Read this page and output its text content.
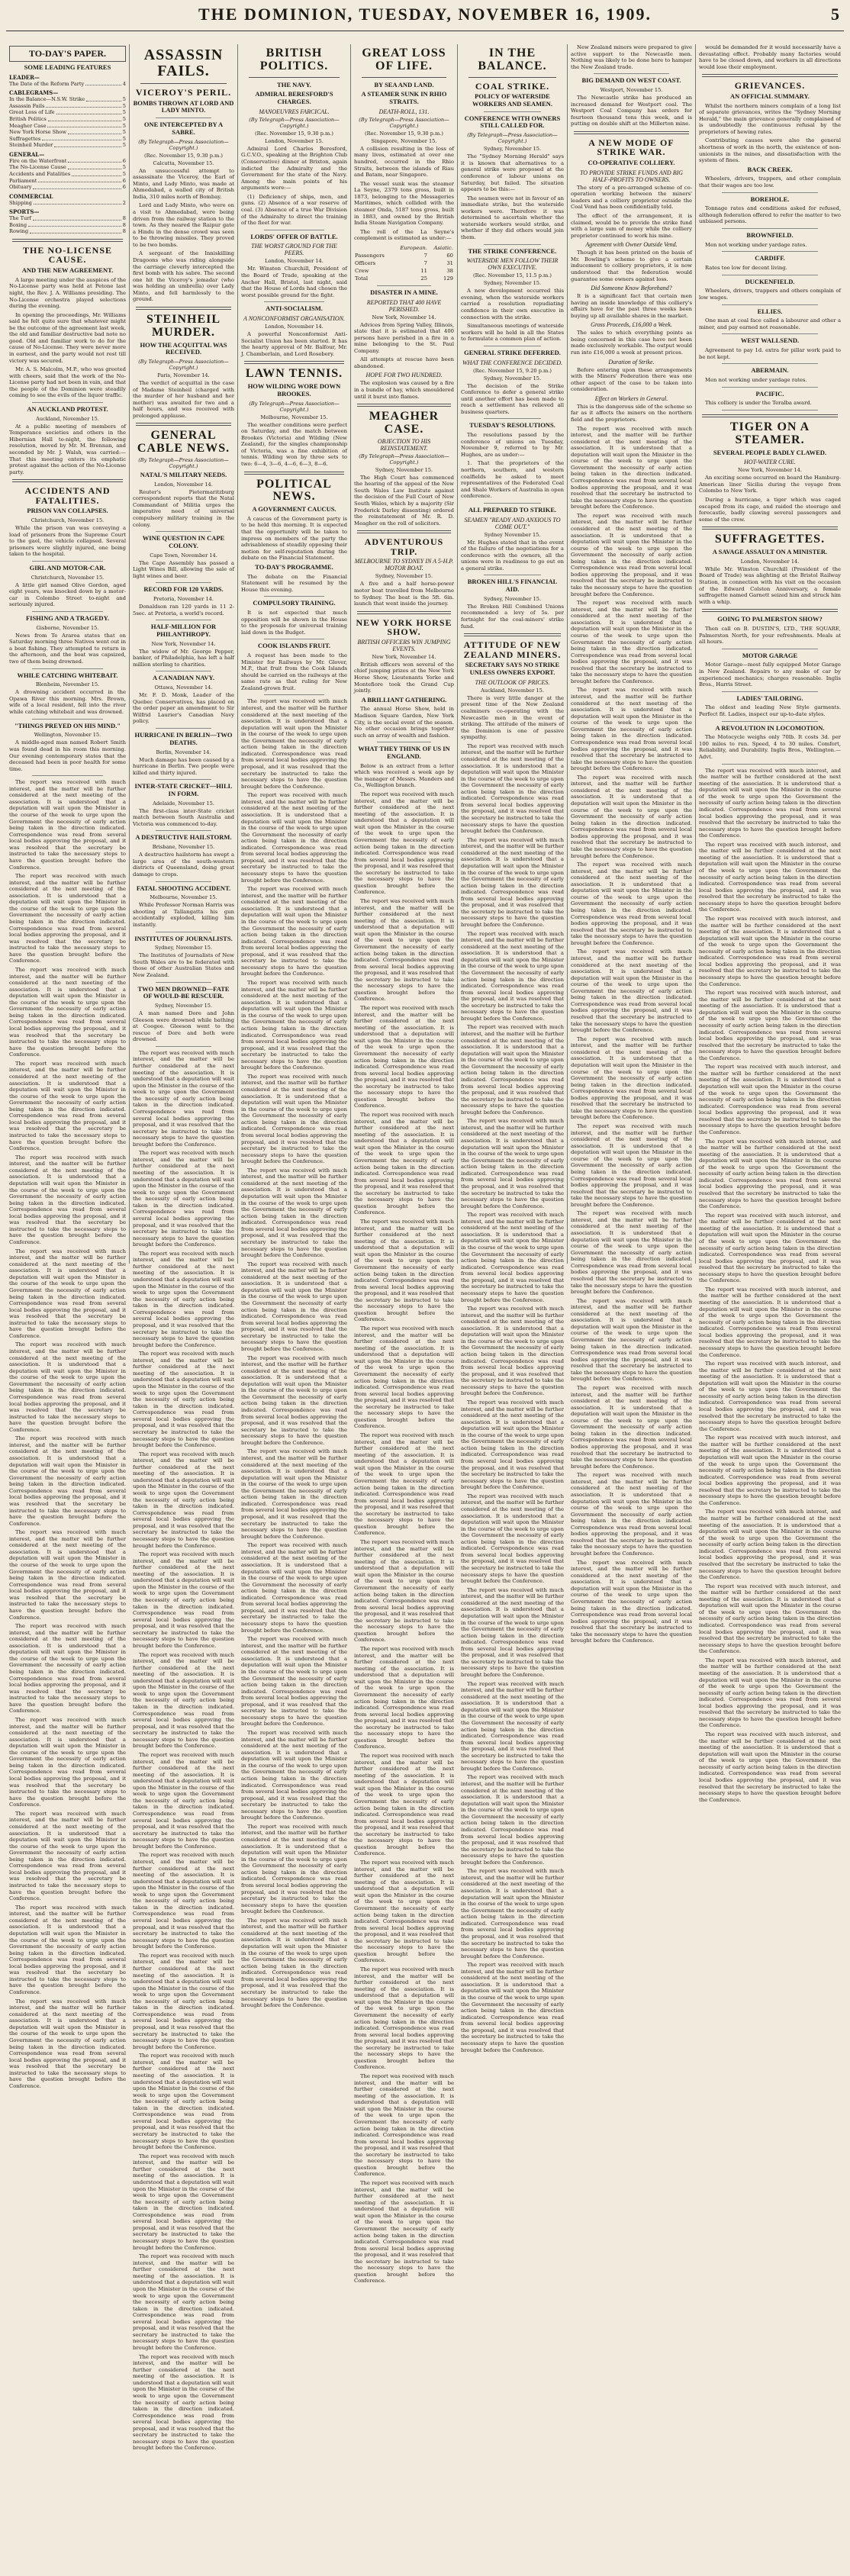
THE DOMINION, TUESDAY, NOVEMBER 16, 1909.	5
TO-DAY'S PAPER.
SOME LEADING FEATURES
LEADER—
The Date of the Reform Party	4
CABLEGRAMS—
In the Balance—N.S.W. Strike	5
Assassin Fails	5
Great Loss of Life	5
British Politics	5
Meagher Case	5
New York Horse Show	5
Suffragettes	5
Steinheil Murder	5
GENERAL—
Fire on the Waterfront	6
The No-License Cause	5
Accidents and Fatalities	5
Parliament	6
Obituary	6
COMMERCIAL
Shipping	2
SPORTS—
The Turf	8
Boxing	8
Rowing	8
THE NO-LICENSE CAUSE.
AND THE NEW AGREEMENT.

A large meeting under the auspices of the No-License party was held at Petone last night, the Rev. J. A. Williams presiding. The No-License orchestra played selections during the evening.

In opening the proceedings, Mr. Williams said he felt quite sure that whatever might be the outcome of the agreement last week, the old and familiar destructive bad note no good. Old and familiar work to do for the cause of No-License. They were never more in earnest, and the party would not rest till victory was secured.

Mr. A. S. Malcolm, M.P., who was greeted with cheers, said that the work of the No-License party had not been in vain, and that the people of the Dominion were steadily coming to see the evils of the liquor traffic.

AN AUCKLAND PROTEST.
Auckland, November 15.

At a public meeting of members of Temperance societies and others in the Hibernian Hall to-night, the following resolution, moved by Mr. M. Brennan, and seconded by Mr. J. Walsh, was carried:—That this meeting enters its emphatic protest against the action of the No-License party.

ACCIDENTS AND FATALITIES.
PRISON VAN COLLAPSES.
Christchurch, November 15.

While the prison van was conveying a load of prisoners from the Supreme Court to the gaol, the vehicle collapsed. Several prisoners were slightly injured, one being taken to the hospital.

GIRL AND MOTOR-CAR.
Christchurch, November 15.

A little girl named Olive Gordon, aged eight years, was knocked down by a motor-car in Colombo Street to-night and seriously injured.

FISHING AND A TRAGEDY.
Gisborne, November 15.

News from Te Araroa states that on Saturday morning three Natives went out in a boat fishing. They attempted to return in the afternoon, and the boat was capsized, two of them being drowned.

WHILE CATCHING WHITEBAIT.
Blenheim, November 15.

A drowning accident occurred in the Opawa River this morning. Mrs. Brown, wife of a local resident, fell into the river while catching whitebait and was drowned.

"THINGS PREYED ON HIS MIND."
Wellington, November 15.

A middle-aged man named Robert Smith was found dead in his room this morning. Our evening contemporary states that the deceased had been in poor health for some time.

The report was received with much interest, and the matter will be further considered at the next meeting of the association. It is understood that a deputation will wait upon the Minister in the course of the week to urge upon the Government the necessity of early action being taken in the direction indicated. Correspondence was read from several local bodies approving the proposal, and it was resolved that the secretary be instructed to take the necessary steps to have the question brought before the Conference.

The report was received with much interest, and the matter will be further considered at the next meeting of the association. It is understood that a deputation will wait upon the Minister in the course of the week to urge upon the Government the necessity of early action being taken in the direction indicated. Correspondence was read from several local bodies approving the proposal, and it was resolved that the secretary be instructed to take the necessary steps to have the question brought before the Conference.

The report was received with much interest, and the matter will be further considered at the next meeting of the association. It is understood that a deputation will wait upon the Minister in the course of the week to urge upon the Government the necessity of early action being taken in the direction indicated. Correspondence was read from several local bodies approving the proposal, and it was resolved that the secretary be instructed to take the necessary steps to have the question brought before the Conference.

The report was received with much interest, and the matter will be further considered at the next meeting of the association. It is understood that a deputation will wait upon the Minister in the course of the week to urge upon the Government the necessity of early action being taken in the direction indicated. Correspondence was read from several local bodies approving the proposal, and it was resolved that the secretary be instructed to take the necessary steps to have the question brought before the Conference.

The report was received with much interest, and the matter will be further considered at the next meeting of the association. It is understood that a deputation will wait upon the Minister in the course of the week to urge upon the Government the necessity of early action being taken in the direction indicated. Correspondence was read from several local bodies approving the proposal, and it was resolved that the secretary be instructed to take the necessary steps to have the question brought before the Conference.

The report was received with much interest, and the matter will be further considered at the next meeting of the association. It is understood that a deputation will wait upon the Minister in the course of the week to urge upon the Government the necessity of early action being taken in the direction indicated. Correspondence was read from several local bodies approving the proposal, and it was resolved that the secretary be instructed to take the necessary steps to have the question brought before the Conference.

The report was received with much interest, and the matter will be further considered at the next meeting of the association. It is understood that a deputation will wait upon the Minister in the course of the week to urge upon the Government the necessity of early action being taken in the direction indicated. Correspondence was read from several local bodies approving the proposal, and it was resolved that the secretary be instructed to take the necessary steps to have the question brought before the Conference.

The report was received with much interest, and the matter will be further considered at the next meeting of the association. It is understood that a deputation will wait upon the Minister in the course of the week to urge upon the Government the necessity of early action being taken in the direction indicated. Correspondence was read from several local bodies approving the proposal, and it was resolved that the secretary be instructed to take the necessary steps to have the question brought before the Conference.

The report was received with much interest, and the matter will be further considered at the next meeting of the association. It is understood that a deputation will wait upon the Minister in the course of the week to urge upon the Government the necessity of early action being taken in the direction indicated. Correspondence was read from several local bodies approving the proposal, and it was resolved that the secretary be instructed to take the necessary steps to have the question brought before the Conference.

The report was received with much interest, and the matter will be further considered at the next meeting of the association. It is understood that a deputation will wait upon the Minister in the course of the week to urge upon the Government the necessity of early action being taken in the direction indicated. Correspondence was read from several local bodies approving the proposal, and it was resolved that the secretary be instructed to take the necessary steps to have the question brought before the Conference.

The report was received with much interest, and the matter will be further considered at the next meeting of the association. It is understood that a deputation will wait upon the Minister in the course of the week to urge upon the Government the necessity of early action being taken in the direction indicated. Correspondence was read from several local bodies approving the proposal, and it was resolved that the secretary be instructed to take the necessary steps to have the question brought before the Conference.

The report was received with much interest, and the matter will be further considered at the next meeting of the association. It is understood that a deputation will wait upon the Minister in the course of the week to urge upon the Government the necessity of early action being taken in the direction indicated. Correspondence was read from several local bodies approving the proposal, and it was resolved that the secretary be instructed to take the necessary steps to have the question brought before the Conference.

The report was received with much interest, and the matter will be further considered at the next meeting of the association. It is understood that a deputation will wait upon the Minister in the course of the week to urge upon the Government the necessity of early action being taken in the direction indicated. Correspondence was read from several local bodies approving the proposal, and it was resolved that the secretary be instructed to take the necessary steps to have the question brought before the Conference.

The report was received with much interest, and the matter will be further considered at the next meeting of the association. It is understood that a deputation will wait upon the Minister in the course of the week to urge upon the Government the necessity of early action being taken in the direction indicated. Correspondence was read from several local bodies approving the proposal, and it was resolved that the secretary be instructed to take the necessary steps to have the question brought before the Conference.

ASSASSIN FAILS.
VICEROY'S PERIL.
BOMBS THROWN AT LORD AND LADY MINTO.
ONE INTERCEPTED BY A SABRE.
(By Telegraph—Press Association—Copyright.)
(Rec. November 15, 9.30 p.m.)
Calcutta, November 15.

An unsuccessful attempt to assassinate the Viceroy, the Earl of Minto, and Lady Minto, was made at Ahmedabad, a walled city of British India, 310 miles north of Bombay.

Lord and Lady Minto, who were on a visit to Ahmedabad, were being driven from the railway station to the town. As they neared the Raipur gate a Hindu in the dense crowd was seen to be throwing missiles. They proved to be two bombs.

A sergeant of the Inniskilling Dragoons who was riding alongside the carriage cleverly intercepted the first bomb with his sabre. The second one hit the Viceroy's jemadar (who was holding an umbrella) over Lady Minto, and fell harmlessly to the ground.

STEINHEIL MURDER.
HOW THE ACQUITTAL WAS RECEIVED.
(By Telegraph—Press Association—Copyright.)
Paris, November 14.

The verdict of acquittal in the case of Madame Steinheil (charged with the murder of her husband and her mother) was awaited for two and a half hours, and was received with prolonged applause.

GENERAL CABLE NEWS.
(By Telegraph—Press Association—Copyright.)
NATAL'S MILITARY NEEDS.
London, November 14.

Reuter's Pietermaritzburg correspondent reports that the Natal Commandant of Militia urges the imperative need of universal compulsory military training in the colony.

WINE QUESTION IN CAPE COLONY.
Cape Town, November 14.

The Cape Assembly has passed a Light Wines Bill, allowing the sale of light wines and beer.

RECORD FOR 120 YARDS.
Pretoria, November 14.

Donaldson ran 120 yards in 11 2-5sec. at Pretoria, a world's record.

HALF-MILLION FOR PHILANTHROPY.
New York, November 14.

The widow of Mr. George Pepper, banker, of Philadelphia, has left a half million sterling to charities.

A CANADIAN NAVY.
Ottawa, November 14.

Mr. F. D. Monk, Leader of the Quebec Conservatives, has placed on the order paper an amendment to Sir Wilfrid Laurier's Canadian Navy policy.

HURRICANE IN BERLIN—TWO DEATHS.
Berlin, November 14.

Much damage has been caused by a hurricane in Berlin. Two people were killed and thirty injured.

INTER-STATE CRICKET—HILL IN FORM.
Adelaide, November 15.

The first-class inter-State cricket match between South Australia and Victoria was commenced to-day.

A DESTRUCTIVE HAILSTORM.
Brisbane, November 15.

A destructive hailstorm has swept a large area of the south-western districts of Queensland, doing great damage to crops.

FATAL SHOOTING ACCIDENT.
Melbourne, November 15.

While Professor Norman Harris was shooting at Tallangatta his gun accidentally exploded, killing him instantly.

INSTITUTES OF JOURNALISTS.
Sydney, November 15.

The Institutes of Journalists of New South Wales are to be federated with those of other Australian States and New Zealand.

TWO MEN DROWNED—FATE OF WOULD-BE RESCUER.
Sydney, November 15.

A man named Dore and John Gleeson were drowned while bathing at Coogee. Gleeson went to the rescue of Dore and both were drowned.

The report was received with much interest, and the matter will be further considered at the next meeting of the association. It is understood that a deputation will wait upon the Minister in the course of the week to urge upon the Government the necessity of early action being taken in the direction indicated. Correspondence was read from several local bodies approving the proposal, and it was resolved that the secretary be instructed to take the necessary steps to have the question brought before the Conference.

The report was received with much interest, and the matter will be further considered at the next meeting of the association. It is understood that a deputation will wait upon the Minister in the course of the week to urge upon the Government the necessity of early action being taken in the direction indicated. Correspondence was read from several local bodies approving the proposal, and it was resolved that the secretary be instructed to take the necessary steps to have the question brought before the Conference.

The report was received with much interest, and the matter will be further considered at the next meeting of the association. It is understood that a deputation will wait upon the Minister in the course of the week to urge upon the Government the necessity of early action being taken in the direction indicated. Correspondence was read from several local bodies approving the proposal, and it was resolved that the secretary be instructed to take the necessary steps to have the question brought before the Conference.

The report was received with much interest, and the matter will be further considered at the next meeting of the association. It is understood that a deputation will wait upon the Minister in the course of the week to urge upon the Government the necessity of early action being taken in the direction indicated. Correspondence was read from several local bodies approving the proposal, and it was resolved that the secretary be instructed to take the necessary steps to have the question brought before the Conference.

The report was received with much interest, and the matter will be further considered at the next meeting of the association. It is understood that a deputation will wait upon the Minister in the course of the week to urge upon the Government the necessity of early action being taken in the direction indicated. Correspondence was read from several local bodies approving the proposal, and it was resolved that the secretary be instructed to take the necessary steps to have the question brought before the Conference.

The report was received with much interest, and the matter will be further considered at the next meeting of the association. It is understood that a deputation will wait upon the Minister in the course of the week to urge upon the Government the necessity of early action being taken in the direction indicated. Correspondence was read from several local bodies approving the proposal, and it was resolved that the secretary be instructed to take the necessary steps to have the question brought before the Conference.

The report was received with much interest, and the matter will be further considered at the next meeting of the association. It is understood that a deputation will wait upon the Minister in the course of the week to urge upon the Government the necessity of early action being taken in the direction indicated. Correspondence was read from several local bodies approving the proposal, and it was resolved that the secretary be instructed to take the necessary steps to have the question brought before the Conference.

The report was received with much interest, and the matter will be further considered at the next meeting of the association. It is understood that a deputation will wait upon the Minister in the course of the week to urge upon the Government the necessity of early action being taken in the direction indicated. Correspondence was read from several local bodies approving the proposal, and it was resolved that the secretary be instructed to take the necessary steps to have the question brought before the Conference.

The report was received with much interest, and the matter will be further considered at the next meeting of the association. It is understood that a deputation will wait upon the Minister in the course of the week to urge upon the Government the necessity of early action being taken in the direction indicated. Correspondence was read from several local bodies approving the proposal, and it was resolved that the secretary be instructed to take the necessary steps to have the question brought before the Conference.

The report was received with much interest, and the matter will be further considered at the next meeting of the association. It is understood that a deputation will wait upon the Minister in the course of the week to urge upon the Government the necessity of early action being taken in the direction indicated. Correspondence was read from several local bodies approving the proposal, and it was resolved that the secretary be instructed to take the necessary steps to have the question brought before the Conference.

The report was received with much interest, and the matter will be further considered at the next meeting of the association. It is understood that a deputation will wait upon the Minister in the course of the week to urge upon the Government the necessity of early action being taken in the direction indicated. Correspondence was read from several local bodies approving the proposal, and it was resolved that the secretary be instructed to take the necessary steps to have the question brought before the Conference.

The report was received with much interest, and the matter will be further considered at the next meeting of the association. It is understood that a deputation will wait upon the Minister in the course of the week to urge upon the Government the necessity of early action being taken in the direction indicated. Correspondence was read from several local bodies approving the proposal, and it was resolved that the secretary be instructed to take the necessary steps to have the question brought before the Conference.

The report was received with much interest, and the matter will be further considered at the next meeting of the association. It is understood that a deputation will wait upon the Minister in the course of the week to urge upon the Government the necessity of early action being taken in the direction indicated. Correspondence was read from several local bodies approving the proposal, and it was resolved that the secretary be instructed to take the necessary steps to have the question brought before the Conference.

The report was received with much interest, and the matter will be further considered at the next meeting of the association. It is understood that a deputation will wait upon the Minister in the course of the week to urge upon the Government the necessity of early action being taken in the direction indicated. Correspondence was read from several local bodies approving the proposal, and it was resolved that the secretary be instructed to take the necessary steps to have the question brought before the Conference.

BRITISH POLITICS.
THE NAVY.
ADMIRAL BERESFORD'S CHARGES.
MANOEUVRES FARCICAL.
(By Telegraph—Press Association—Copyright.)
(Rec. November 15, 9.30 p.m.)
London, November 15.

Admiral Lord Charles Beresford, G.C.V.O., speaking at the Brighton Club (Conservative) dinner at Brixton, again indicted the Admiralty and the Government for the state of the Navy. Among the main points of his arguments were:—

(1) Deficiency of ships, men, and guns. (2) Absence of a war reserve of coal. (3) Absence of a true War Division of the Admiralty to direct the training of the fleet for war.

LORDS' OFFER OF BATTLE.
THE WORST GROUND FOR THE PEERS.
London, November 14.

Mr. Winston Churchill, President of the Board of Trade, speaking at the Anchor Hall, Bristol, last night, said that the House of Lords had chosen the worst possible ground for the fight.

ANTI-SOCIALISM.
A NONCONFORMIST ORGANISATION.
London, November 14.

A powerful Nonconformist Anti-Socialist Union has been started. It has the hearty approval of Mr. Balfour, Mr. J. Chamberlain, and Lord Rosebery.

LAWN TENNIS.
HOW WILDING WORE DOWN BROOKES.
(By Telegraph—Press Association—Copyright.)
Melbourne, November 15.

The weather conditions were perfect on Saturday, and the match between Brookes (Victoria) and Wilding (New Zealand), for the singles championship of Victoria, was a fine exhibition of tennis. Wilding won by three sets to two: 6—4, 3—6, 4—6, 6—3, 8—6.

POLITICAL NEWS.
A GOVERNMENT CAUCUS.

A caucus of the Government party is to be held this morning. It is expected that the opportunity will be taken to impress on members of the party the advisableness of steadily opposing their motion for self-reputation during the debate on the Financial Statement.

TO-DAY'S PROGRAMME.

The debate on the Financial Statement will be resumed by the House this evening.

COMPULSORY TRAINING.

It is not expected that much opposition will be shown in the House to the proposals for universal training laid down in the Budget.

COOK ISLANDS FRUIT.

A request has been made to the Minister for Railways by Mr. Glover, M.P., that fruit from the Cook Islands should be carried on the railways at the same rate as that ruling for New Zealand-grown fruit.

The report was received with much interest, and the matter will be further considered at the next meeting of the association. It is understood that a deputation will wait upon the Minister in the course of the week to urge upon the Government the necessity of early action being taken in the direction indicated. Correspondence was read from several local bodies approving the proposal, and it was resolved that the secretary be instructed to take the necessary steps to have the question brought before the Conference.

The report was received with much interest, and the matter will be further considered at the next meeting of the association. It is understood that a deputation will wait upon the Minister in the course of the week to urge upon the Government the necessity of early action being taken in the direction indicated. Correspondence was read from several local bodies approving the proposal, and it was resolved that the secretary be instructed to take the necessary steps to have the question brought before the Conference.

The report was received with much interest, and the matter will be further considered at the next meeting of the association. It is understood that a deputation will wait upon the Minister in the course of the week to urge upon the Government the necessity of early action being taken in the direction indicated. Correspondence was read from several local bodies approving the proposal, and it was resolved that the secretary be instructed to take the necessary steps to have the question brought before the Conference.

The report was received with much interest, and the matter will be further considered at the next meeting of the association. It is understood that a deputation will wait upon the Minister in the course of the week to urge upon the Government the necessity of early action being taken in the direction indicated. Correspondence was read from several local bodies approving the proposal, and it was resolved that the secretary be instructed to take the necessary steps to have the question brought before the Conference.

The report was received with much interest, and the matter will be further considered at the next meeting of the association. It is understood that a deputation will wait upon the Minister in the course of the week to urge upon the Government the necessity of early action being taken in the direction indicated. Correspondence was read from several local bodies approving the proposal, and it was resolved that the secretary be instructed to take the necessary steps to have the question brought before the Conference.

The report was received with much interest, and the matter will be further considered at the next meeting of the association. It is understood that a deputation will wait upon the Minister in the course of the week to urge upon the Government the necessity of early action being taken in the direction indicated. Correspondence was read from several local bodies approving the proposal, and it was resolved that the secretary be instructed to take the necessary steps to have the question brought before the Conference.

The report was received with much interest, and the matter will be further considered at the next meeting of the association. It is understood that a deputation will wait upon the Minister in the course of the week to urge upon the Government the necessity of early action being taken in the direction indicated. Correspondence was read from several local bodies approving the proposal, and it was resolved that the secretary be instructed to take the necessary steps to have the question brought before the Conference.

The report was received with much interest, and the matter will be further considered at the next meeting of the association. It is understood that a deputation will wait upon the Minister in the course of the week to urge upon the Government the necessity of early action being taken in the direction indicated. Correspondence was read from several local bodies approving the proposal, and it was resolved that the secretary be instructed to take the necessary steps to have the question brought before the Conference.

The report was received with much interest, and the matter will be further considered at the next meeting of the association. It is understood that a deputation will wait upon the Minister in the course of the week to urge upon the Government the necessity of early action being taken in the direction indicated. Correspondence was read from several local bodies approving the proposal, and it was resolved that the secretary be instructed to take the necessary steps to have the question brought before the Conference.

The report was received with much interest, and the matter will be further considered at the next meeting of the association. It is understood that a deputation will wait upon the Minister in the course of the week to urge upon the Government the necessity of early action being taken in the direction indicated. Correspondence was read from several local bodies approving the proposal, and it was resolved that the secretary be instructed to take the necessary steps to have the question brought before the Conference.

The report was received with much interest, and the matter will be further considered at the next meeting of the association. It is understood that a deputation will wait upon the Minister in the course of the week to urge upon the Government the necessity of early action being taken in the direction indicated. Correspondence was read from several local bodies approving the proposal, and it was resolved that the secretary be instructed to take the necessary steps to have the question brought before the Conference.

The report was received with much interest, and the matter will be further considered at the next meeting of the association. It is understood that a deputation will wait upon the Minister in the course of the week to urge upon the Government the necessity of early action being taken in the direction indicated. Correspondence was read from several local bodies approving the proposal, and it was resolved that the secretary be instructed to take the necessary steps to have the question brought before the Conference.

The report was received with much interest, and the matter will be further considered at the next meeting of the association. It is understood that a deputation will wait upon the Minister in the course of the week to urge upon the Government the necessity of early action being taken in the direction indicated. Correspondence was read from several local bodies approving the proposal, and it was resolved that the secretary be instructed to take the necessary steps to have the question brought before the Conference.

The report was received with much interest, and the matter will be further considered at the next meeting of the association. It is understood that a deputation will wait upon the Minister in the course of the week to urge upon the Government the necessity of early action being taken in the direction indicated. Correspondence was read from several local bodies approving the proposal, and it was resolved that the secretary be instructed to take the necessary steps to have the question brought before the Conference.

GREAT LOSS OF LIFE.
BY SEA AND LAND.
A STEAMER SUNK IN RHIO STRAITS.
DEATH-ROLL, 131.
(By Telegraph—Press Association—Copyright.)
(Rec. November 15, 9.30 p.m.)
Singapore, November 15.

A collision resulting in the loss of many lives, estimated at over one hundred, occurred in the Rhio Straits, between the islands of Riau and Batam, near Singapore.

The vessel sunk was the steamer La Seyne, 2379 tons gross, built in 1873, belonging to the Messageries Maritimes, which collided with the steamer Onda, 5187 tons gross, built in 1883, and owned by the British India Steam Navigation Company.

The roll of the La Seyne's complement is estimated as under:—
	European.	Asiatic.
Passengers	7	60
Officers	7	31
Crew	11	38
Total	25	129
DISASTER IN A MINE.
REPORTED THAT 400 HAVE PERISHED.
New York, November 14.

Advices from Spring Valley, Illinois, state that it is estimated that 400 persons have perished in a fire in a mine belonging to the St. Paul Company.

All attempts at rescue have been abandoned.

HOPE FOR TWO HUNDRED.

The explosion was caused by a fire in a bundle of hay, which smouldered until it burst into flames.

MEAGHER CASE.
OBJECTION TO HIS REINSTATEMENT.
(By Telegraph—Press Association—Copyright.)
Sydney, November 15.

The High Court has commenced the hearing of the appeal of the New South Wales Law Institute against the decision of the Full Court of New South Wales, which by a majority (Sir Frederick Darley dissenting) ordered the reinstatement of Mr. R. D. Meagher on the roll of solicitors.

ADVENTUROUS TRIP.
MELBOURNE TO SYDNEY IN A 5-H.P. MOTOR BOAT.
Sydney, November 15.

A five and a half horse-power motor boat travelled from Melbourne to Sydney. The boat is the 5ft. 6in. launch that went inside the journey.

NEW YORK HORSE SHOW.
BRITISH OFFICERS WIN JUMPING EVENTS.
New York, November 14.

British officers won several of the chief jumping prizes at the New York Horse Show, Lieutenants Yorke and Montefiore took the Grand Cup jointly.

A BRILLIANT GATHERING.

The annual Horse Show, held in Madison Square Garden, New York City, is the social event of the season. No other occasion brings together such an array of wealth and fashion.

WHAT THEY THINK OF US IN ENGLAND.

Below is an extract from a letter which was received a week ago by the manager of Messrs. Manders and Co., Wellington branch.

The report was received with much interest, and the matter will be further considered at the next meeting of the association. It is understood that a deputation will wait upon the Minister in the course of the week to urge upon the Government the necessity of early action being taken in the direction indicated. Correspondence was read from several local bodies approving the proposal, and it was resolved that the secretary be instructed to take the necessary steps to have the question brought before the Conference.

The report was received with much interest, and the matter will be further considered at the next meeting of the association. It is understood that a deputation will wait upon the Minister in the course of the week to urge upon the Government the necessity of early action being taken in the direction indicated. Correspondence was read from several local bodies approving the proposal, and it was resolved that the secretary be instructed to take the necessary steps to have the question brought before the Conference.

The report was received with much interest, and the matter will be further considered at the next meeting of the association. It is understood that a deputation will wait upon the Minister in the course of the week to urge upon the Government the necessity of early action being taken in the direction indicated. Correspondence was read from several local bodies approving the proposal, and it was resolved that the secretary be instructed to take the necessary steps to have the question brought before the Conference.

The report was received with much interest, and the matter will be further considered at the next meeting of the association. It is understood that a deputation will wait upon the Minister in the course of the week to urge upon the Government the necessity of early action being taken in the direction indicated. Correspondence was read from several local bodies approving the proposal, and it was resolved that the secretary be instructed to take the necessary steps to have the question brought before the Conference.

The report was received with much interest, and the matter will be further considered at the next meeting of the association. It is understood that a deputation will wait upon the Minister in the course of the week to urge upon the Government the necessity of early action being taken in the direction indicated. Correspondence was read from several local bodies approving the proposal, and it was resolved that the secretary be instructed to take the necessary steps to have the question brought before the Conference.

The report was received with much interest, and the matter will be further considered at the next meeting of the association. It is understood that a deputation will wait upon the Minister in the course of the week to urge upon the Government the necessity of early action being taken in the direction indicated. Correspondence was read from several local bodies approving the proposal, and it was resolved that the secretary be instructed to take the necessary steps to have the question brought before the Conference.

The report was received with much interest, and the matter will be further considered at the next meeting of the association. It is understood that a deputation will wait upon the Minister in the course of the week to urge upon the Government the necessity of early action being taken in the direction indicated. Correspondence was read from several local bodies approving the proposal, and it was resolved that the secretary be instructed to take the necessary steps to have the question brought before the Conference.

The report was received with much interest, and the matter will be further considered at the next meeting of the association. It is understood that a deputation will wait upon the Minister in the course of the week to urge upon the Government the necessity of early action being taken in the direction indicated. Correspondence was read from several local bodies approving the proposal, and it was resolved that the secretary be instructed to take the necessary steps to have the question brought before the Conference.

The report was received with much interest, and the matter will be further considered at the next meeting of the association. It is understood that a deputation will wait upon the Minister in the course of the week to urge upon the Government the necessity of early action being taken in the direction indicated. Correspondence was read from several local bodies approving the proposal, and it was resolved that the secretary be instructed to take the necessary steps to have the question brought before the Conference.

The report was received with much interest, and the matter will be further considered at the next meeting of the association. It is understood that a deputation will wait upon the Minister in the course of the week to urge upon the Government the necessity of early action being taken in the direction indicated. Correspondence was read from several local bodies approving the proposal, and it was resolved that the secretary be instructed to take the necessary steps to have the question brought before the Conference.

The report was received with much interest, and the matter will be further considered at the next meeting of the association. It is understood that a deputation will wait upon the Minister in the course of the week to urge upon the Government the necessity of early action being taken in the direction indicated. Correspondence was read from several local bodies approving the proposal, and it was resolved that the secretary be instructed to take the necessary steps to have the question brought before the Conference.

The report was received with much interest, and the matter will be further considered at the next meeting of the association. It is understood that a deputation will wait upon the Minister in the course of the week to urge upon the Government the necessity of early action being taken in the direction indicated. Correspondence was read from several local bodies approving the proposal, and it was resolved that the secretary be instructed to take the necessary steps to have the question brought before the Conference.

The report was received with much interest, and the matter will be further considered at the next meeting of the association. It is understood that a deputation will wait upon the Minister in the course of the week to urge upon the Government the necessity of early action being taken in the direction indicated. Correspondence was read from several local bodies approving the proposal, and it was resolved that the secretary be instructed to take the necessary steps to have the question brought before the Conference.

The report was received with much interest, and the matter will be further considered at the next meeting of the association. It is understood that a deputation will wait upon the Minister in the course of the week to urge upon the Government the necessity of early action being taken in the direction indicated. Correspondence was read from several local bodies approving the proposal, and it was resolved that the secretary be instructed to take the necessary steps to have the question brought before the Conference.

IN THE BALANCE.
COAL STRIKE.
POLICY OF WATERSIDE WORKERS AND SEAMEN.
CONFERENCE WITH OWNERS STILL CALLED FOR.
(By Telegraph—Press Association—Copyright.)
Sydney, November 15.

The "Sydney Morning Herald" says it is known that alternatives to a general strike were proposed at the conference of labour unions on Saturday, but failed. The situation appears to be this:—

The seamen were not in favour of an immediate strike, but the waterside workers were. Therefore it was determined to ascertain whether the waterside workers would strike, and whether if they did others would join them.

THE STRIKE CONFERENCE.
WATERSIDE MEN FOLLOW THEIR OWN EXECUTIVE.
(Rec. November 15, 11.5 p.m.)
Sydney, November 15.

A new development occurred this evening, when the waterside workers carried a resolution repudiating confidence in their own executive in connection with the strike.

Simultaneous meetings of waterside workers will be held in all the States to formulate a common plan of action.

GENERAL STRIKE DEFERRED.
WHAT THE CONFERENCE DECIDED.
(Rec. November 15, 9.20 p.m.)
Sydney, November 15.

The decision of the Strike Conference to defer a general strike until another effort has been made to reach a settlement has relieved all business quarters.

TUESDAY'S RESOLUTIONS.

The resolutions passed by the conference of unions on Tuesday, November 9, referred to by Mr. Hughes, are as under:—

1. That the proprietors of the northern, southern, and western coalfields be asked to meet representatives of the Federated Coal and Shale Workers of Australia in open conference.

ALL PREPARED TO STRIKE.
SEAMEN "READY AND ANXIOUS TO COME OUT."
Sydney November 15.

Mr. Hughes stated that in the event of the failure of the negotiations for a conference with the owners, all the unions were in readiness to go out on a general strike.

BROKEN HILL'S FINANCIAL AID.
Sydney, November 15.

The Broken Hill Combined Unions recommended a levy of 5s. per fortnight for the coal-miners' strike fund.

ATTITUDE OF NEW ZEALAND MINERS.
SECRETARY SAYS NO STRIKE UNLESS OWNERS EXPORT.
THE OUTLOOK OF PRICES.
Auckland, November 15.

There is very little danger at the present time of the New Zealand coalminers co-operating with the Newcastle men in the event of striking. The attitude of the miners of the Dominion is one of passive sympathy.

The report was received with much interest, and the matter will be further considered at the next meeting of the association. It is understood that a deputation will wait upon the Minister in the course of the week to urge upon the Government the necessity of early action being taken in the direction indicated. Correspondence was read from several local bodies approving the proposal, and it was resolved that the secretary be instructed to take the necessary steps to have the question brought before the Conference.

The report was received with much interest, and the matter will be further considered at the next meeting of the association. It is understood that a deputation will wait upon the Minister in the course of the week to urge upon the Government the necessity of early action being taken in the direction indicated. Correspondence was read from several local bodies approving the proposal, and it was resolved that the secretary be instructed to take the necessary steps to have the question brought before the Conference.

The report was received with much interest, and the matter will be further considered at the next meeting of the association. It is understood that a deputation will wait upon the Minister in the course of the week to urge upon the Government the necessity of early action being taken in the direction indicated. Correspondence was read from several local bodies approving the proposal, and it was resolved that the secretary be instructed to take the necessary steps to have the question brought before the Conference.

The report was received with much interest, and the matter will be further considered at the next meeting of the association. It is understood that a deputation will wait upon the Minister in the course of the week to urge upon the Government the necessity of early action being taken in the direction indicated. Correspondence was read from several local bodies approving the proposal, and it was resolved that the secretary be instructed to take the necessary steps to have the question brought before the Conference.

The report was received with much interest, and the matter will be further considered at the next meeting of the association. It is understood that a deputation will wait upon the Minister in the course of the week to urge upon the Government the necessity of early action being taken in the direction indicated. Correspondence was read from several local bodies approving the proposal, and it was resolved that the secretary be instructed to take the necessary steps to have the question brought before the Conference.

The report was received with much interest, and the matter will be further considered at the next meeting of the association. It is understood that a deputation will wait upon the Minister in the course of the week to urge upon the Government the necessity of early action being taken in the direction indicated. Correspondence was read from several local bodies approving the proposal, and it was resolved that the secretary be instructed to take the necessary steps to have the question brought before the Conference.

The report was received with much interest, and the matter will be further considered at the next meeting of the association. It is understood that a deputation will wait upon the Minister in the course of the week to urge upon the Government the necessity of early action being taken in the direction indicated. Correspondence was read from several local bodies approving the proposal, and it was resolved that the secretary be instructed to take the necessary steps to have the question brought before the Conference.

The report was received with much interest, and the matter will be further considered at the next meeting of the association. It is understood that a deputation will wait upon the Minister in the course of the week to urge upon the Government the necessity of early action being taken in the direction indicated. Correspondence was read from several local bodies approving the proposal, and it was resolved that the secretary be instructed to take the necessary steps to have the question brought before the Conference.

The report was received with much interest, and the matter will be further considered at the next meeting of the association. It is understood that a deputation will wait upon the Minister in the course of the week to urge upon the Government the necessity of early action being taken in the direction indicated. Correspondence was read from several local bodies approving the proposal, and it was resolved that the secretary be instructed to take the necessary steps to have the question brought before the Conference.

The report was received with much interest, and the matter will be further considered at the next meeting of the association. It is understood that a deputation will wait upon the Minister in the course of the week to urge upon the Government the necessity of early action being taken in the direction indicated. Correspondence was read from several local bodies approving the proposal, and it was resolved that the secretary be instructed to take the necessary steps to have the question brought before the Conference.

The report was received with much interest, and the matter will be further considered at the next meeting of the association. It is understood that a deputation will wait upon the Minister in the course of the week to urge upon the Government the necessity of early action being taken in the direction indicated. Correspondence was read from several local bodies approving the proposal, and it was resolved that the secretary be instructed to take the necessary steps to have the question brought before the Conference.

The report was received with much interest, and the matter will be further considered at the next meeting of the association. It is understood that a deputation will wait upon the Minister in the course of the week to urge upon the Government the necessity of early action being taken in the direction indicated. Correspondence was read from several local bodies approving the proposal, and it was resolved that the secretary be instructed to take the necessary steps to have the question brought before the Conference.

The report was received with much interest, and the matter will be further considered at the next meeting of the association. It is understood that a deputation will wait upon the Minister in the course of the week to urge upon the Government the necessity of early action being taken in the direction indicated. Correspondence was read from several local bodies approving the proposal, and it was resolved that the secretary be instructed to take the necessary steps to have the question brought before the Conference.

The report was received with much interest, and the matter will be further considered at the next meeting of the association. It is understood that a deputation will wait upon the Minister in the course of the week to urge upon the Government the necessity of early action being taken in the direction indicated. Correspondence was read from several local bodies approving the proposal, and it was resolved that the secretary be instructed to take the necessary steps to have the question brought before the Conference.

New Zealand miners were prepared to give active support to the Newcastle men. Nothing was likely to be done here to hamper the New Zealand trade.
BIG DEMAND ON WEST COAST.
Westport, November 15.

The Newcastle strike has produced an increased demand for Westport coal. The Westport Coal Company has orders for fourteen thousand tons this week, and is putting on double shift at the Millerton mine.

A NEW MODE OF STRIKE WAR.
CO-OPERATIVE COLLIERY.
TO PROVIDE STRIKE FUNDS AND BIG HALF-PROFITS TO OWNERS.

The story of a pre-arranged scheme of co-operation working between the miners' leaders and a colliery proprietor outside the Coal Vend has been confidentially told.

The effect of the arrangement, it is claimed, would be to provide the strike fund with a large sum of money while the colliery proprietor continued to work his mine.

Agreement with Owner Outside Vend.

Though it has been printed on the basis of Mr. Bowling's scheme to give a certain inducement to colliery proprietors, it is now understood that the federation would guarantee some owners against loss.

Did Someone Know Beforehand?

It is a significant fact that certain men having an inside knowledge of this colliery's affairs have for the past three weeks been buying up all available shares in the market.

Gross Proceeds, £16,000 a Week.

The sales to which everything points as being concerned in this case have not been made exclusively workable. The output would run into £16,000 a week at present prices.

Duration of Strike.

Before entering upon these arrangements with the Miners' Federation there was one other aspect of the case to be taken into consideration.

Effect on Workers in General.

This is the dangerous side of the scheme so far as it affects the miners on the northern field and the proprietors.

The report was received with much interest, and the matter will be further considered at the next meeting of the association. It is understood that a deputation will wait upon the Minister in the course of the week to urge upon the Government the necessity of early action being taken in the direction indicated. Correspondence was read from several local bodies approving the proposal, and it was resolved that the secretary be instructed to take the necessary steps to have the question brought before the Conference.

The report was received with much interest, and the matter will be further considered at the next meeting of the association. It is understood that a deputation will wait upon the Minister in the course of the week to urge upon the Government the necessity of early action being taken in the direction indicated. Correspondence was read from several local bodies approving the proposal, and it was resolved that the secretary be instructed to take the necessary steps to have the question brought before the Conference.

The report was received with much interest, and the matter will be further considered at the next meeting of the association. It is understood that a deputation will wait upon the Minister in the course of the week to urge upon the Government the necessity of early action being taken in the direction indicated. Correspondence was read from several local bodies approving the proposal, and it was resolved that the secretary be instructed to take the necessary steps to have the question brought before the Conference.

The report was received with much interest, and the matter will be further considered at the next meeting of the association. It is understood that a deputation will wait upon the Minister in the course of the week to urge upon the Government the necessity of early action being taken in the direction indicated. Correspondence was read from several local bodies approving the proposal, and it was resolved that the secretary be instructed to take the necessary steps to have the question brought before the Conference.

The report was received with much interest, and the matter will be further considered at the next meeting of the association. It is understood that a deputation will wait upon the Minister in the course of the week to urge upon the Government the necessity of early action being taken in the direction indicated. Correspondence was read from several local bodies approving the proposal, and it was resolved that the secretary be instructed to take the necessary steps to have the question brought before the Conference.

The report was received with much interest, and the matter will be further considered at the next meeting of the association. It is understood that a deputation will wait upon the Minister in the course of the week to urge upon the Government the necessity of early action being taken in the direction indicated. Correspondence was read from several local bodies approving the proposal, and it was resolved that the secretary be instructed to take the necessary steps to have the question brought before the Conference.

The report was received with much interest, and the matter will be further considered at the next meeting of the association. It is understood that a deputation will wait upon the Minister in the course of the week to urge upon the Government the necessity of early action being taken in the direction indicated. Correspondence was read from several local bodies approving the proposal, and it was resolved that the secretary be instructed to take the necessary steps to have the question brought before the Conference.

The report was received with much interest, and the matter will be further considered at the next meeting of the association. It is understood that a deputation will wait upon the Minister in the course of the week to urge upon the Government the necessity of early action being taken in the direction indicated. Correspondence was read from several local bodies approving the proposal, and it was resolved that the secretary be instructed to take the necessary steps to have the question brought before the Conference.

The report was received with much interest, and the matter will be further considered at the next meeting of the association. It is understood that a deputation will wait upon the Minister in the course of the week to urge upon the Government the necessity of early action being taken in the direction indicated. Correspondence was read from several local bodies approving the proposal, and it was resolved that the secretary be instructed to take the necessary steps to have the question brought before the Conference.

The report was received with much interest, and the matter will be further considered at the next meeting of the association. It is understood that a deputation will wait upon the Minister in the course of the week to urge upon the Government the necessity of early action being taken in the direction indicated. Correspondence was read from several local bodies approving the proposal, and it was resolved that the secretary be instructed to take the necessary steps to have the question brought before the Conference.

The report was received with much interest, and the matter will be further considered at the next meeting of the association. It is understood that a deputation will wait upon the Minister in the course of the week to urge upon the Government the necessity of early action being taken in the direction indicated. Correspondence was read from several local bodies approving the proposal, and it was resolved that the secretary be instructed to take the necessary steps to have the question brought before the Conference.

The report was received with much interest, and the matter will be further considered at the next meeting of the association. It is understood that a deputation will wait upon the Minister in the course of the week to urge upon the Government the necessity of early action being taken in the direction indicated. Correspondence was read from several local bodies approving the proposal, and it was resolved that the secretary be instructed to take the necessary steps to have the question brought before the Conference.

The report was received with much interest, and the matter will be further considered at the next meeting of the association. It is understood that a deputation will wait upon the Minister in the course of the week to urge upon the Government the necessity of early action being taken in the direction indicated. Correspondence was read from several local bodies approving the proposal, and it was resolved that the secretary be instructed to take the necessary steps to have the question brought before the Conference.

The report was received with much interest, and the matter will be further considered at the next meeting of the association. It is understood that a deputation will wait upon the Minister in the course of the week to urge upon the Government the necessity of early action being taken in the direction indicated. Correspondence was read from several local bodies approving the proposal, and it was resolved that the secretary be instructed to take the necessary steps to have the question brought before the Conference.

would be demanded for it would necessarily have a devastating effect. Probably many factories would have to be closed down, and workers in all directions would lose their employment.
GRIEVANCES.
AN OFFICIAL SUMMARY.

Whilst the northern miners complain of a long list of separate grievances, writes the "Sydney Morning Herald," the main grievance generally complained of is undoubtedly the continuous refusal by the proprietors of hewing rates.

Contributing causes were also the general shortness of work in the north, the existence of non-unionists in the mines, and dissatisfaction with the system of fines.

BACK CREEK.

Wheelers, drivers, trappers, and other complain that their wages are too low.

BOREHOLE.

Tonnage rates and conditions asked for refused, although federation offered to refer the matter to two unbiased persons.

BROWNFIELD.

Men not working under yardage rates.

CARDIFF.

Rates too low for decent living.

DUCKENFIELD.

Wheelers, drivers, trappers and others complain of low wages.

ELLIES.

One man at coal face called a labourer and other a miner, and pay earned not reasonable.

WEST WALLSEND.

Agreement to pay 1d. extra for pillar work paid to be not kept.

ABERMAIN.

Men not working under yardage rates.

PACIFIC.

This colliery is under the Teralba award.

TIGER ON A STEAMER.
SEVERAL PEOPLE BADLY CLAWED.
HOT-WATER CURE.
New York, November 14.

An exciting scene occurred on board the Hamburg-American liner Sicilia during the voyage from Colombo to New York.

During a hurricane, a tiger which was caged escaped from its cage, and raided the steerage and forecastle, badly clawing several passengers and some of the crew.

SUFFRAGETTES.
A SAVAGE ASSAULT ON A MINISTER.
London, November 14.

While Mr. Winston Churchill (President of the Board of Trade) was alighting at the Bristol Railway Station, in connection with his visit on the occasion of the Edward Colston Anniversary, a female suffragette named Garnett seized him and struck him with a whip.

GOING TO PALMERSTON SHOW?

Then call on B. DUSTIN'S, LTD., THE SQUARE, Palmerston North, for your refreshments. Meals at all hours.

MOTOR GARAGE

Motor Garage—most fully equipped Motor Garage in New Zealand. Repairs to any make of car by experienced mechanics; charges reasonable. Inglis Bros., Harris Street.

LADIES' TAILORING.

The oldest and leading New Style garments. Perfect fit. Ladies, inspect our up-to-date styles.

A REVOLUTION IN LOCOMOTION.

The Motocycle weighs only 70lb. It costs 3d. per 100 miles to run. Speed, 4 to 30 miles. Comfort, Reliability, and Durability. Inglis Bros., Wellington.—Advt.

The report was received with much interest, and the matter will be further considered at the next meeting of the association. It is understood that a deputation will wait upon the Minister in the course of the week to urge upon the Government the necessity of early action being taken in the direction indicated. Correspondence was read from several local bodies approving the proposal, and it was resolved that the secretary be instructed to take the necessary steps to have the question brought before the Conference.

The report was received with much interest, and the matter will be further considered at the next meeting of the association. It is understood that a deputation will wait upon the Minister in the course of the week to urge upon the Government the necessity of early action being taken in the direction indicated. Correspondence was read from several local bodies approving the proposal, and it was resolved that the secretary be instructed to take the necessary steps to have the question brought before the Conference.

The report was received with much interest, and the matter will be further considered at the next meeting of the association. It is understood that a deputation will wait upon the Minister in the course of the week to urge upon the Government the necessity of early action being taken in the direction indicated. Correspondence was read from several local bodies approving the proposal, and it was resolved that the secretary be instructed to take the necessary steps to have the question brought before the Conference.

The report was received with much interest, and the matter will be further considered at the next meeting of the association. It is understood that a deputation will wait upon the Minister in the course of the week to urge upon the Government the necessity of early action being taken in the direction indicated. Correspondence was read from several local bodies approving the proposal, and it was resolved that the secretary be instructed to take the necessary steps to have the question brought before the Conference.

The report was received with much interest, and the matter will be further considered at the next meeting of the association. It is understood that a deputation will wait upon the Minister in the course of the week to urge upon the Government the necessity of early action being taken in the direction indicated. Correspondence was read from several local bodies approving the proposal, and it was resolved that the secretary be instructed to take the necessary steps to have the question brought before the Conference.

The report was received with much interest, and the matter will be further considered at the next meeting of the association. It is understood that a deputation will wait upon the Minister in the course of the week to urge upon the Government the necessity of early action being taken in the direction indicated. Correspondence was read from several local bodies approving the proposal, and it was resolved that the secretary be instructed to take the necessary steps to have the question brought before the Conference.

The report was received with much interest, and the matter will be further considered at the next meeting of the association. It is understood that a deputation will wait upon the Minister in the course of the week to urge upon the Government the necessity of early action being taken in the direction indicated. Correspondence was read from several local bodies approving the proposal, and it was resolved that the secretary be instructed to take the necessary steps to have the question brought before the Conference.

The report was received with much interest, and the matter will be further considered at the next meeting of the association. It is understood that a deputation will wait upon the Minister in the course of the week to urge upon the Government the necessity of early action being taken in the direction indicated. Correspondence was read from several local bodies approving the proposal, and it was resolved that the secretary be instructed to take the necessary steps to have the question brought before the Conference.

The report was received with much interest, and the matter will be further considered at the next meeting of the association. It is understood that a deputation will wait upon the Minister in the course of the week to urge upon the Government the necessity of early action being taken in the direction indicated. Correspondence was read from several local bodies approving the proposal, and it was resolved that the secretary be instructed to take the necessary steps to have the question brought before the Conference.

The report was received with much interest, and the matter will be further considered at the next meeting of the association. It is understood that a deputation will wait upon the Minister in the course of the week to urge upon the Government the necessity of early action being taken in the direction indicated. Correspondence was read from several local bodies approving the proposal, and it was resolved that the secretary be instructed to take the necessary steps to have the question brought before the Conference.

The report was received with much interest, and the matter will be further considered at the next meeting of the association. It is understood that a deputation will wait upon the Minister in the course of the week to urge upon the Government the necessity of early action being taken in the direction indicated. Correspondence was read from several local bodies approving the proposal, and it was resolved that the secretary be instructed to take the necessary steps to have the question brought before the Conference.

The report was received with much interest, and the matter will be further considered at the next meeting of the association. It is understood that a deputation will wait upon the Minister in the course of the week to urge upon the Government the necessity of early action being taken in the direction indicated. Correspondence was read from several local bodies approving the proposal, and it was resolved that the secretary be instructed to take the necessary steps to have the question brought before the Conference.

The report was received with much interest, and the matter will be further considered at the next meeting of the association. It is understood that a deputation will wait upon the Minister in the course of the week to urge upon the Government the necessity of early action being taken in the direction indicated. Correspondence was read from several local bodies approving the proposal, and it was resolved that the secretary be instructed to take the necessary steps to have the question brought before the Conference.

The report was received with much interest, and the matter will be further considered at the next meeting of the association. It is understood that a deputation will wait upon the Minister in the course of the week to urge upon the Government the necessity of early action being taken in the direction indicated. Correspondence was read from several local bodies approving the proposal, and it was resolved that the secretary be instructed to take the necessary steps to have the question brought before the Conference.
